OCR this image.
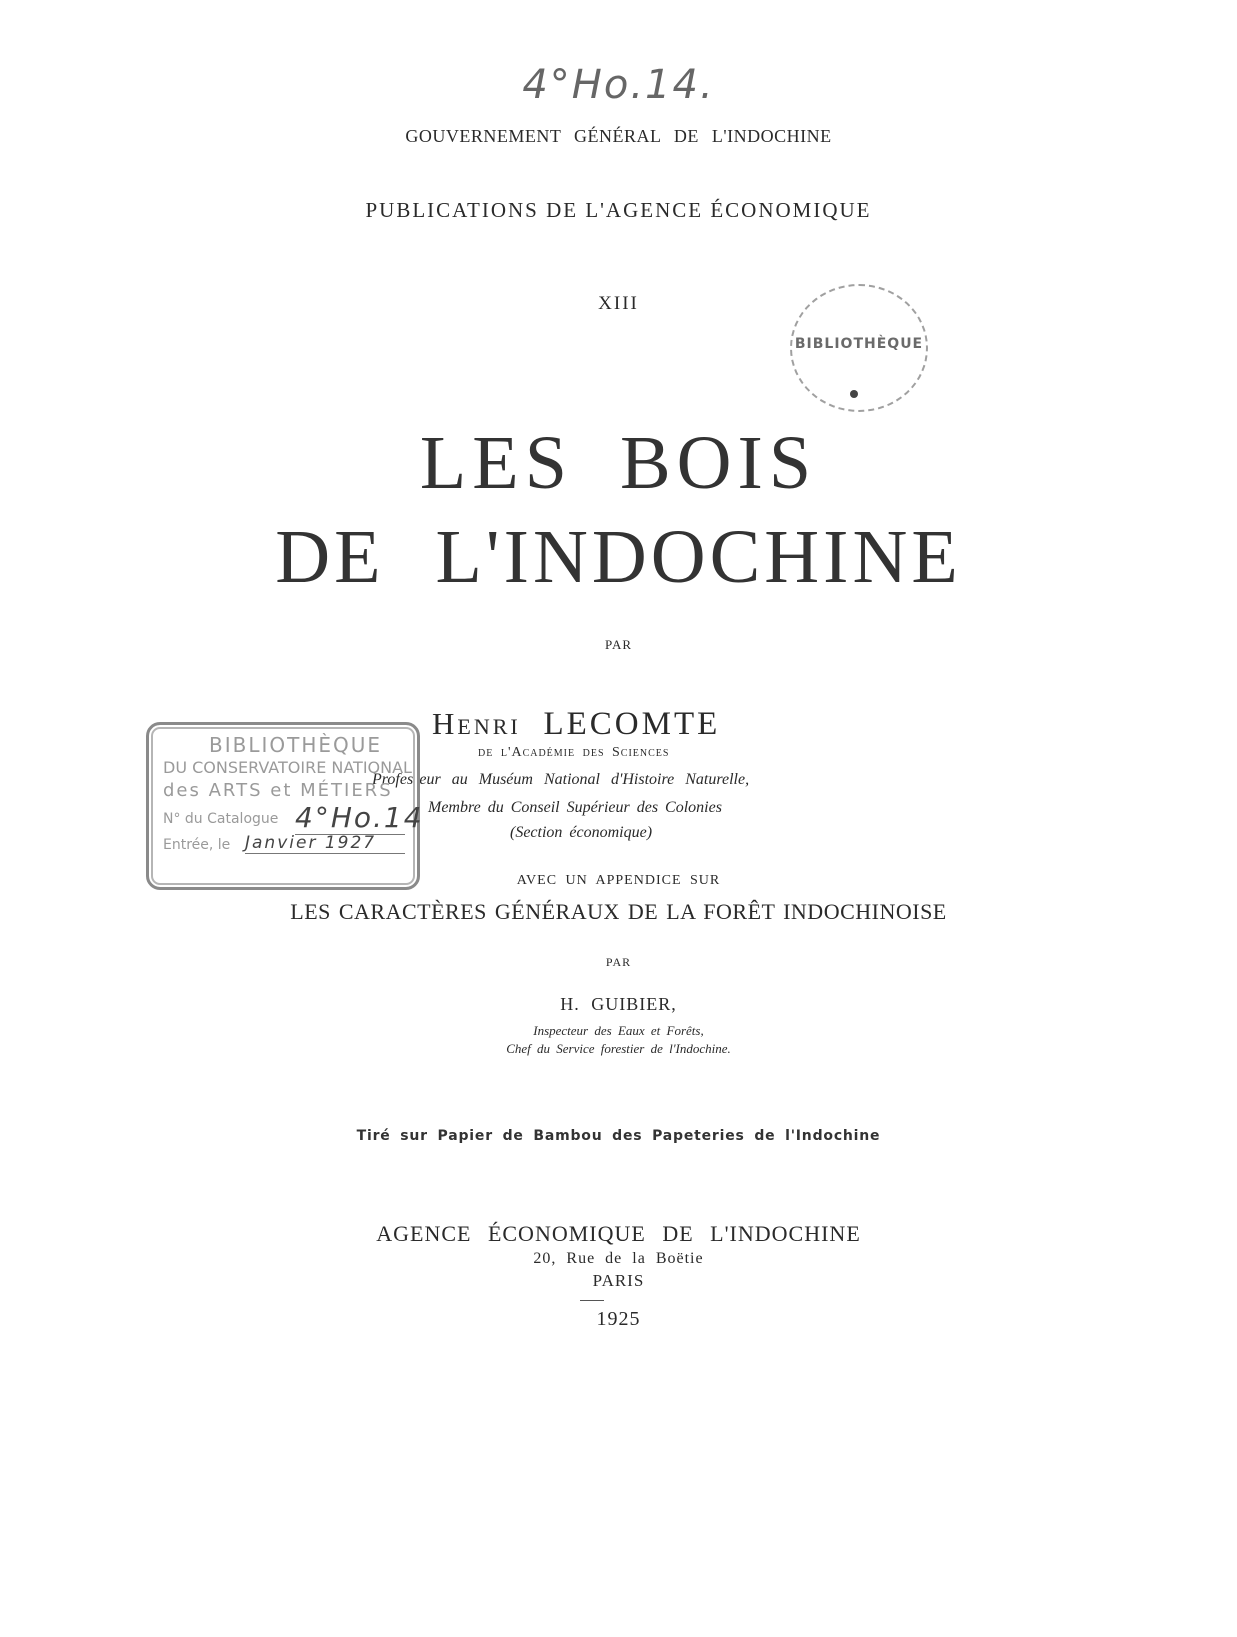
4°Ho.14.
GOUVERNEMENT GÉNÉRAL DE L'INDOCHINE
PUBLICATIONS DE L'AGENCE ÉCONOMIQUE
XIII
BIBLIOTHÈQUE
LES BOIS
DE L'INDOCHINE
PAR
Henri LECOMTE
de l'Académie des Sciences
Professeur au Muséum National d'Histoire Naturelle,
Membre du Conseil Supérieur des Colonies
(Section économique)
BIBLIOTHÈQUE
DU CONSERVATOIRE NATIONAL
des ARTS et MÉTIERS
N° du Catalogue 4°Ho.14
Entrée, le Janvier 1927
AVEC UN APPENDICE SUR
LES CARACTÈRES GÉNÉRAUX DE LA FORÊT INDOCHINOISE
PAR
H. GUIBIER,
Inspecteur des Eaux et Forêts,
Chef du Service forestier de l'Indochine.
Tiré sur Papier de Bambou des Papeteries de l'Indochine
AGENCE ÉCONOMIQUE DE L'INDOCHINE
20, Rue de la Boëtie
PARIS
1925
